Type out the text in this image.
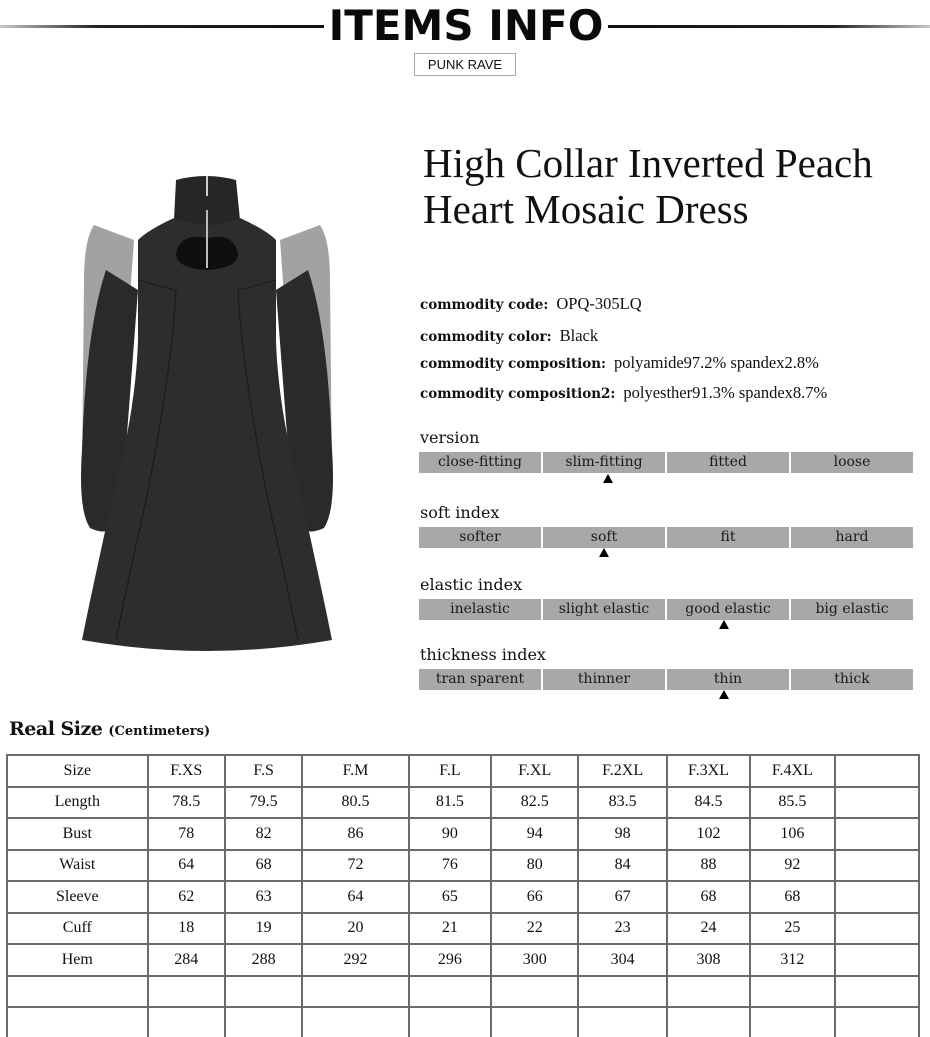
ITEMS INFO
PUNK RAVE
High Collar Inverted Peach
Heart Mosaic Dress
commodity code: OPQ-305LQ
commodity color: Black
commodity composition: polyamide97.2% spandex2.8%
commodity composition2: polyesther91.3% spandex8.7%
version
close-fitting	slim-fitting	fitted	loose
soft index
softer	soft	fit	hard
elastic index
inelastic	slight elastic	good elastic	big elastic
thickness index
tran sparent	thinner	thin	thick
Real Size (Centimeters)
Size	F.XS	F.S	F.M	F.L	F.XL	F.2XL	F.3XL	F.4XL	
Length	78.5	79.5	80.5	81.5	82.5	83.5	84.5	85.5	
Bust	78	82	86	90	94	98	102	106	
Waist	64	68	72	76	80	84	88	92	
Sleeve	62	63	64	65	66	67	68	68	
Cuff	18	19	20	21	22	23	24	25	
Hem	284	288	292	296	300	304	308	312	
